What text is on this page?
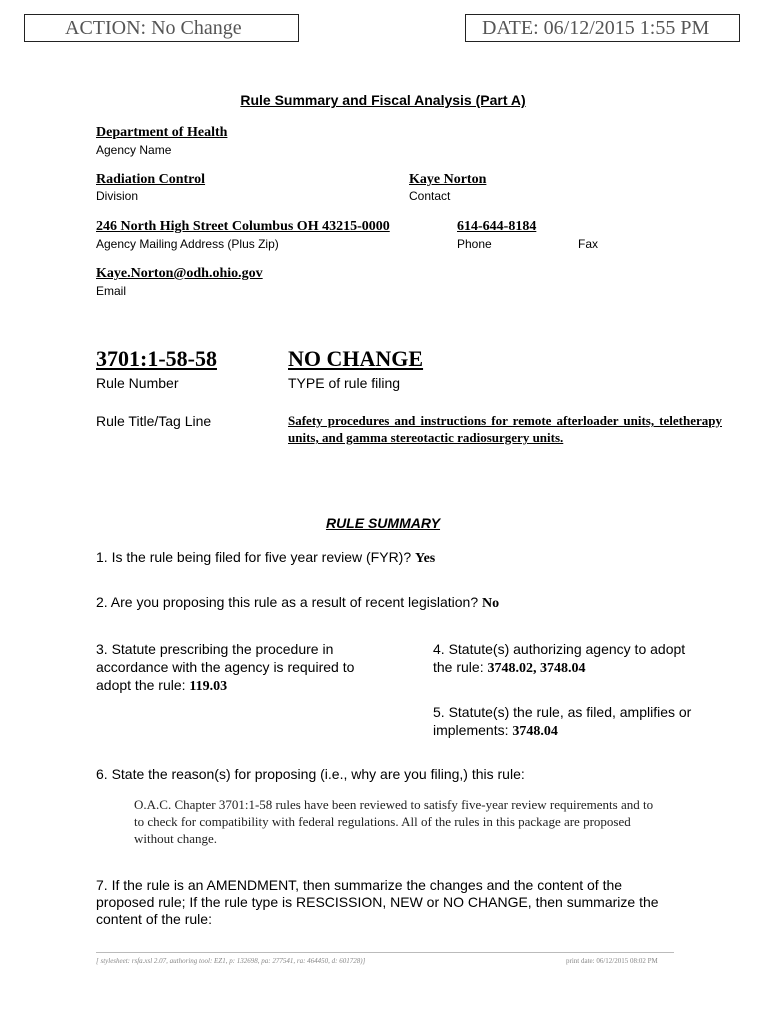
ACTION: No Change	DATE: 06/12/2015 1:55 PM
Rule Summary and Fiscal Analysis (Part A)
Department of Health
Agency Name
Radiation Control
Division
Kaye Norton
Contact
246 North High Street Columbus OH 43215-0000
Agency Mailing Address (Plus Zip)
614-644-8184
Phone	Fax
Kaye.Norton@odh.ohio.gov
Email
3701:1-58-58
Rule Number
NO CHANGE
TYPE of rule filing
Rule Title/Tag Line	Safety procedures and instructions for remote afterloader units, teletherapy units, and gamma stereotactic radiosurgery units.
RULE SUMMARY
1. Is the rule being filed for five year review (FYR)? Yes
2. Are you proposing this rule as a result of recent legislation? No
3. Statute prescribing the procedure in accordance with the agency is required to adopt the rule: 119.03
4. Statute(s) authorizing agency to adopt the rule: 3748.02, 3748.04
5. Statute(s) the rule, as filed, amplifies or implements: 3748.04
6. State the reason(s) for proposing (i.e., why are you filing,) this rule:
O.A.C. Chapter 3701:1-58 rules have been reviewed to satisfy five-year review requirements and to to check for compatibility with federal regulations. All of the rules in this package are proposed without change.
7. If the rule is an AMENDMENT, then summarize the changes and the content of the proposed rule; If the rule type is RESCISSION, NEW or NO CHANGE, then summarize the content of the rule:
[ stylesheet: rsfa.xsl 2.07, authoring tool: EZ1, p: 132698, pa: 277541, ra: 464450, d: 601728)]	print date: 06/12/2015 08:02 PM
